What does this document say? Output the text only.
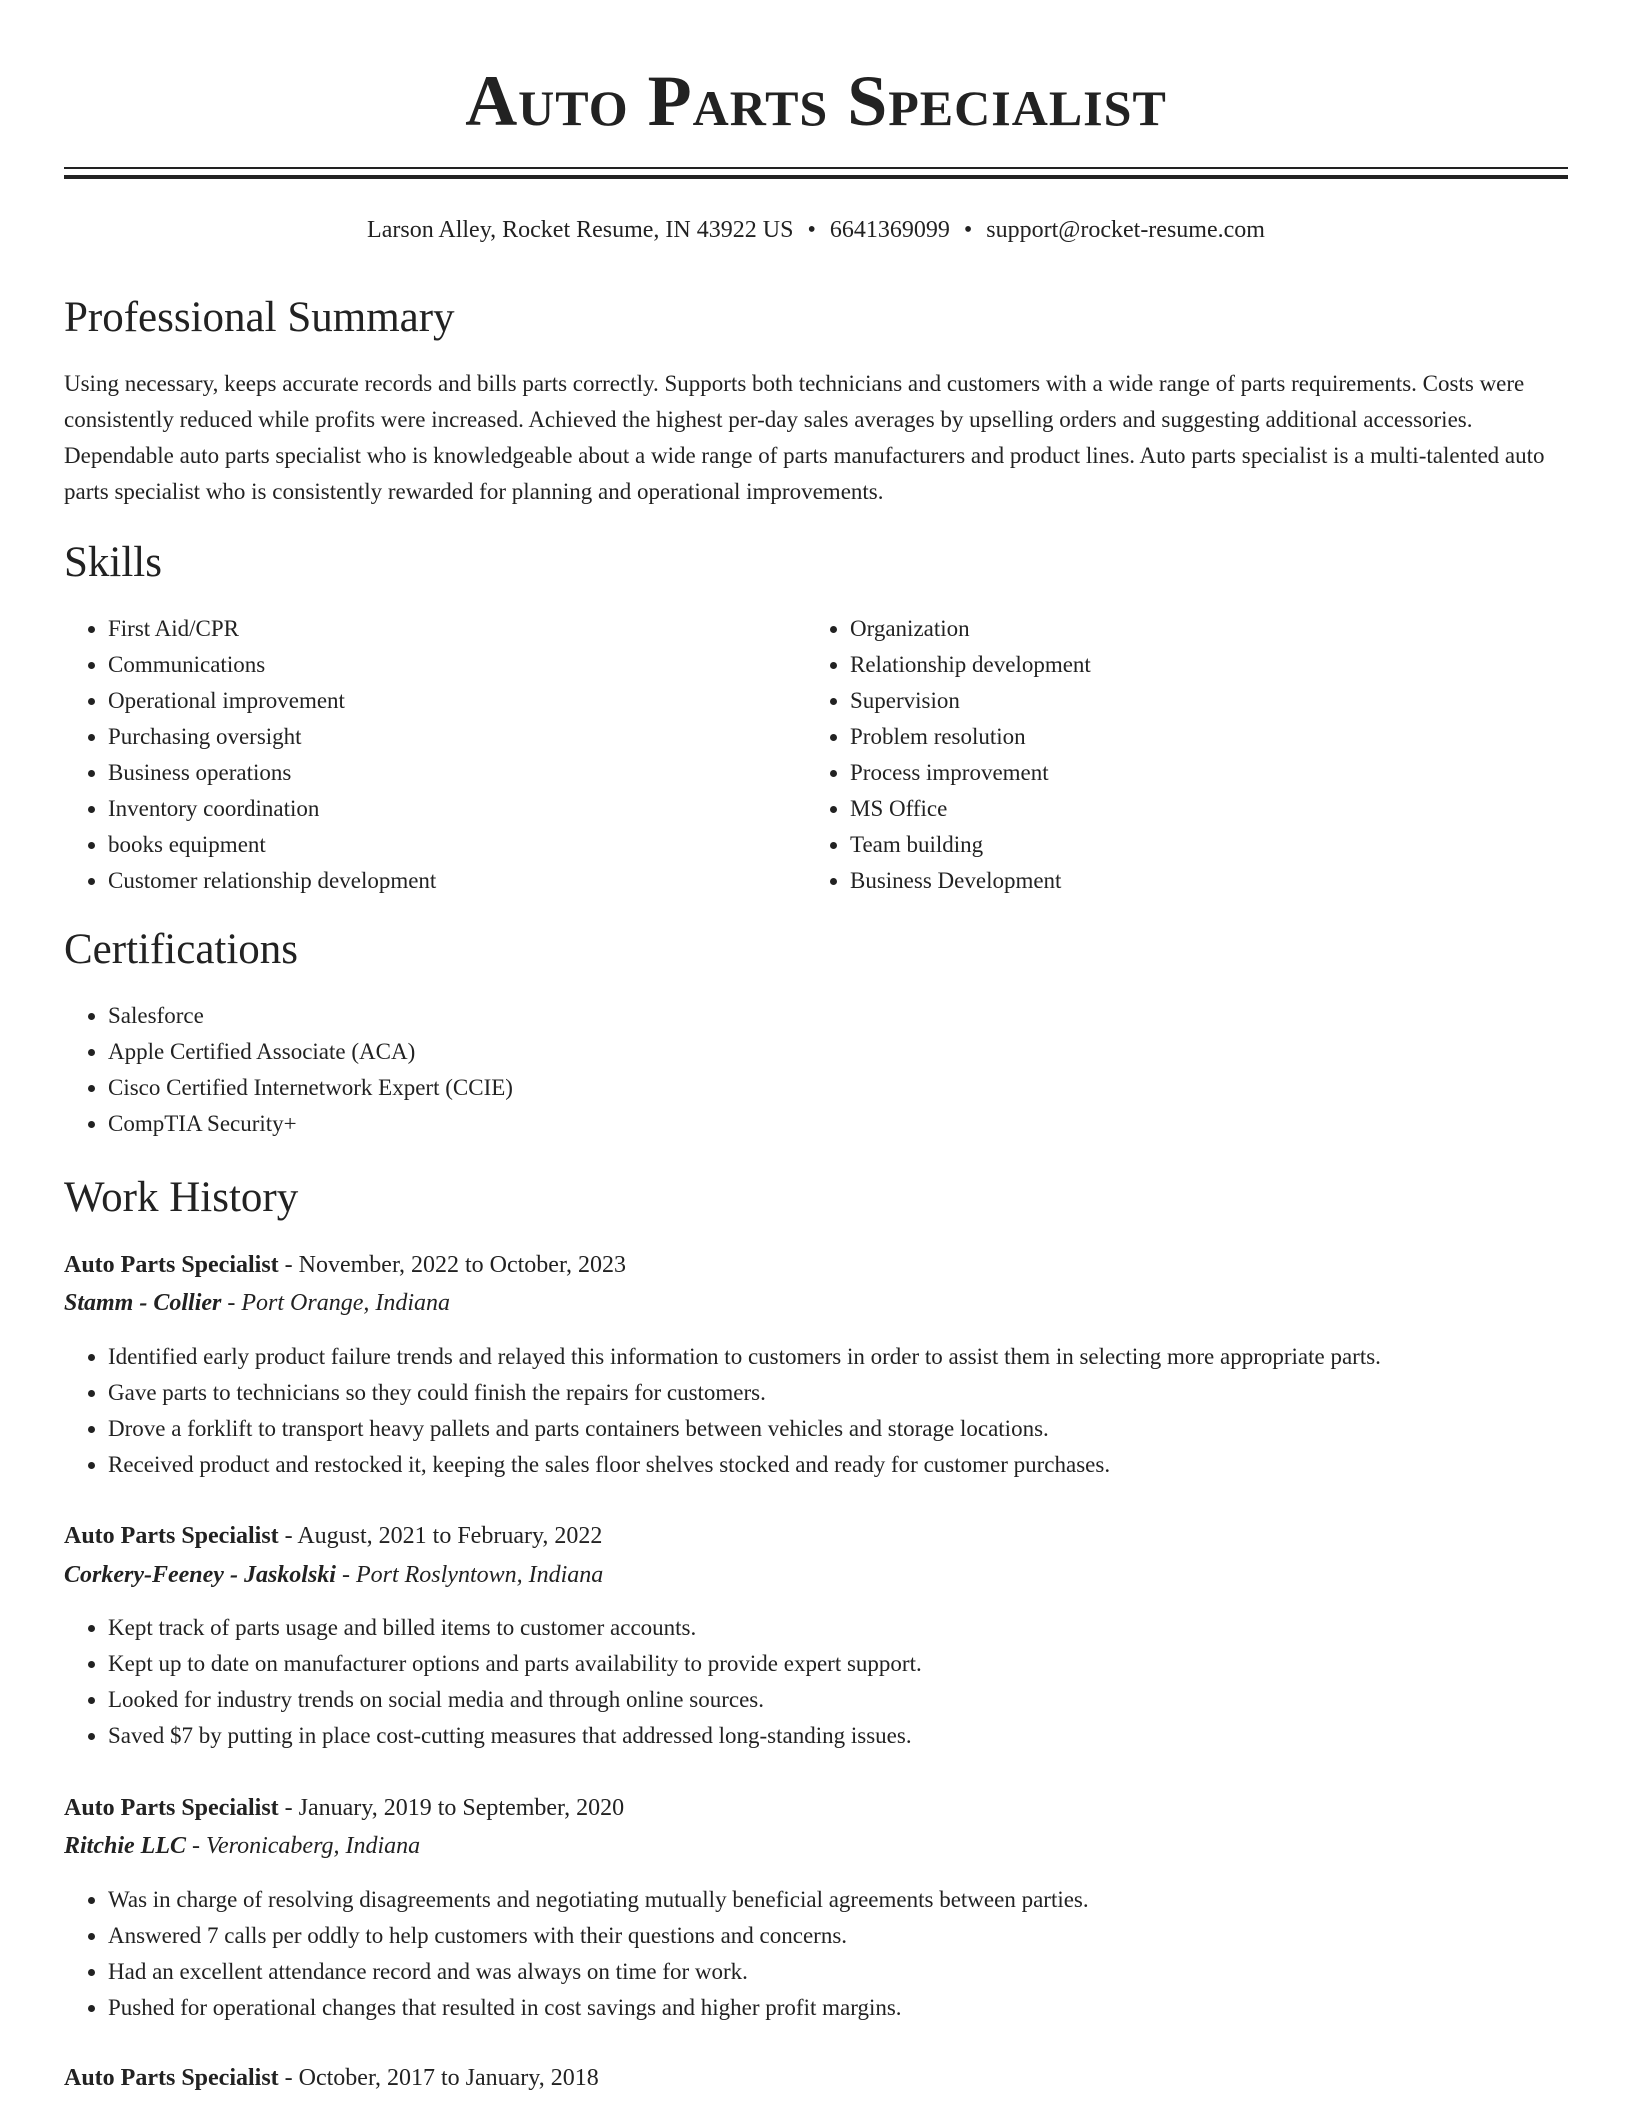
Auto Parts Specialist
Larson Alley, Rocket Resume, IN 43922 US • 6641369099 • support@rocket-resume.com
Professional Summary

Using necessary, keeps accurate records and bills parts correctly. Supports both technicians and customers with a wide range of parts requirements. Costs were consistently reduced while profits were increased. Achieved the highest per-day sales averages by upselling orders and suggesting additional accessories. Dependable auto parts specialist who is knowledgeable about a wide range of parts manufacturers and product lines. Auto parts specialist is a multi-talented auto parts specialist who is consistently rewarded for planning and operational improvements.

Skills
• First Aid/CPR
• Communications
• Operational improvement
• Purchasing oversight
• Business operations
• Inventory coordination
• books equipment
• Customer relationship development
• Organization
• Relationship development
• Supervision
• Problem resolution
• Process improvement
• MS Office
• Team building
• Business Development
Certifications
• Salesforce
• Apple Certified Associate (ACA)
• Cisco Certified Internetwork Expert (CCIE)
• CompTIA Security+
Work History
Auto Parts Specialist - November, 2022 to October, 2023
Stamm - Collier - Port Orange, Indiana
• Identified early product failure trends and relayed this information to customers in order to assist them in selecting more appropriate parts.
• Gave parts to technicians so they could finish the repairs for customers.
• Drove a forklift to transport heavy pallets and parts containers between vehicles and storage locations.
• Received product and restocked it, keeping the sales floor shelves stocked and ready for customer purchases.
Auto Parts Specialist - August, 2021 to February, 2022
Corkery-Feeney - Jaskolski - Port Roslyntown, Indiana
• Kept track of parts usage and billed items to customer accounts.
• Kept up to date on manufacturer options and parts availability to provide expert support.
• Looked for industry trends on social media and through online sources.
• Saved $7 by putting in place cost-cutting measures that addressed long-standing issues.
Auto Parts Specialist - January, 2019 to September, 2020
Ritchie LLC - Veronicaberg, Indiana
• Was in charge of resolving disagreements and negotiating mutually beneficial agreements between parties.
• Answered 7 calls per oddly to help customers with their questions and concerns.
• Had an excellent attendance record and was always on time for work.
• Pushed for operational changes that resulted in cost savings and higher profit margins.
Auto Parts Specialist - October, 2017 to January, 2018
